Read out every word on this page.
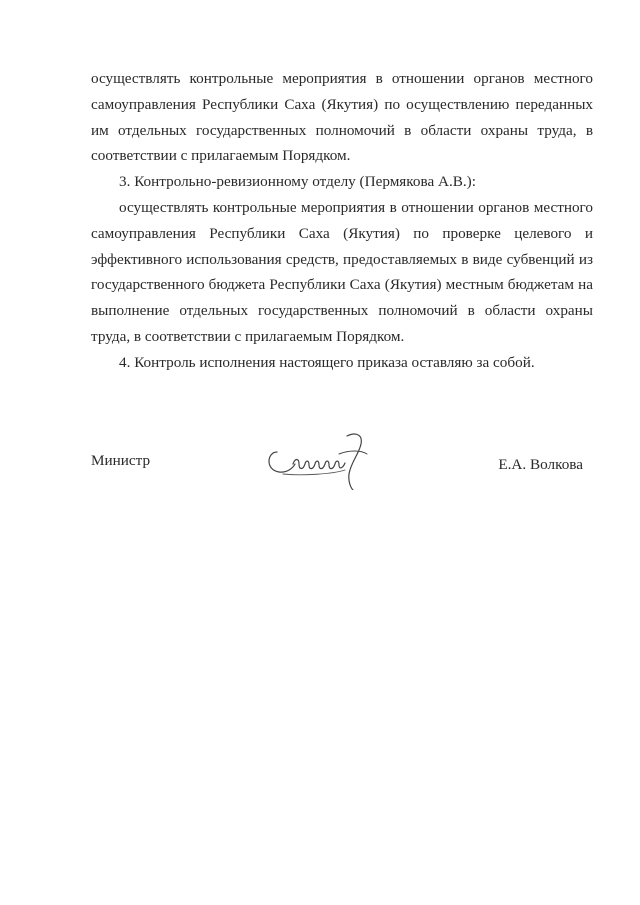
осуществлять контрольные мероприятия в отношении органов местного самоуправления Республики Саха (Якутия) по осуществлению переданных им отдельных государственных полномочий в области охраны труда, в соответствии с прилагаемым Порядком.

3. Контрольно-ревизионному отделу (Пермякова А.В.):

осуществлять контрольные мероприятия в отношении органов местного самоуправления Республики Саха (Якутия) по проверке целевого и эффективного использования средств, предоставляемых в виде субвенций из государственного бюджета Республики Саха (Якутия) местным бюджетам на выполнение отдельных государственных полномочий в области охраны труда, в соответствии с прилагаемым Порядком.

4. Контроль исполнения настоящего приказа оставляю за собой.

Министр	Е.А. Волкова
